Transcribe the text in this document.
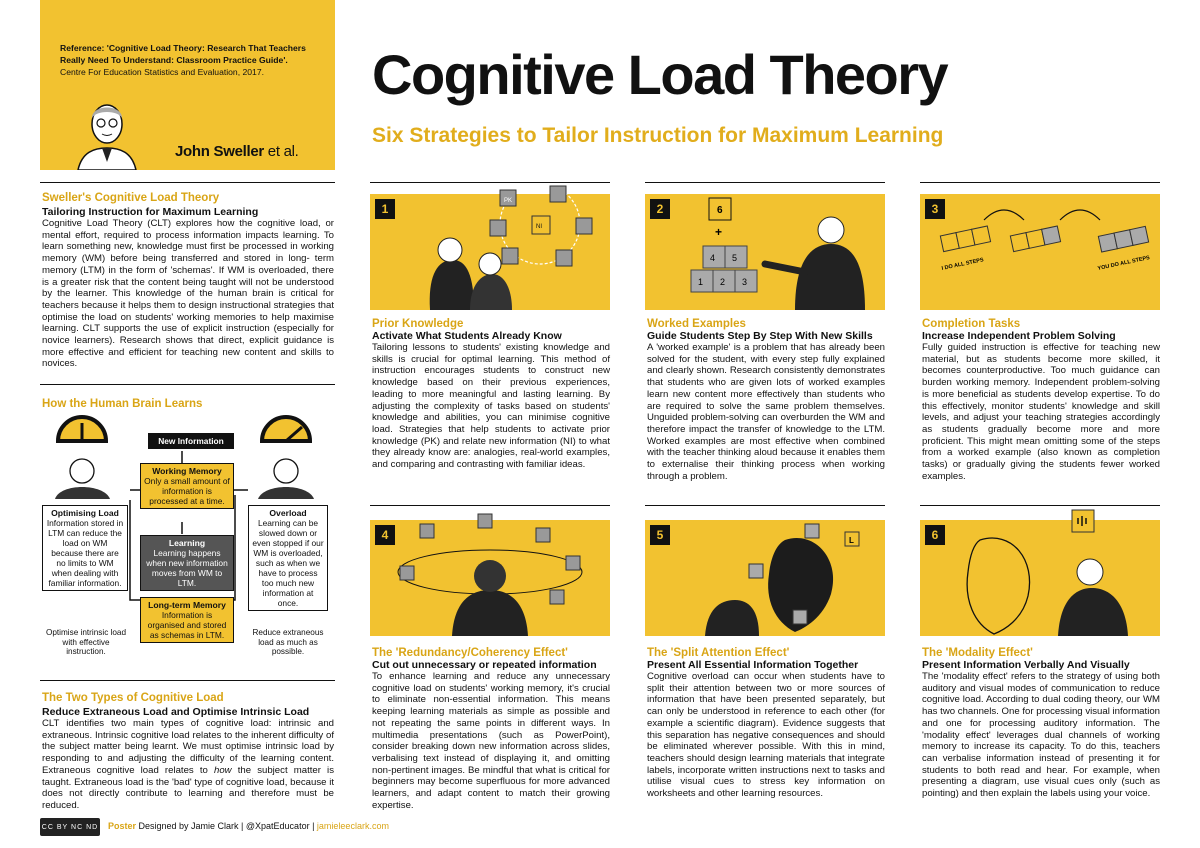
Reference: 'Cognitive Load Theory: Research That Teachers Really Need To Understand: Classroom Practice Guide'.
Centre For Education Statistics and Evaluation, 2017.
John Sweller et al.
Cognitive Load Theory
Six Strategies to Tailor Instruction for Maximum Learning
Sweller's Cognitive Load Theory
Tailoring Instruction for Maximum Learning
Cognitive Load Theory (CLT) explores how the cognitive load, or mental effort, required to process information impacts learning. To learn something new, knowledge must first be processed in working memory (WM) before being transferred and stored in long- term memory (LTM) in the form of 'schemas'. If WM is overloaded, there is a greater risk that the content being taught will not be understood by the learner. This knowledge of the human brain is critical for teachers because it helps them to design instructional strategies that optimise the load on students' working memories to help maximise learning. CLT supports the use of explicit instruction (especially for novice learners). Research shows that direct, explicit guidance is more effective and efficient for teaching new content and skills to novices.
How the Human Brain Learns
New Information
Working Memory
Only a small amount of information is processed at a time.
Learning
Learning happens when new information moves from WM to LTM.
Long-term Memory
Information is organised and stored as schemas in LTM.
Optimising Load
Information stored in LTM can reduce the load on WM because there are no limits to WM when dealing with familiar information.
Overload
Learning can be slowed down or even stopped if our WM is overloaded, such as when we have to process too much new information at once.
Optimise intrinsic load with effective instruction.
Reduce extraneous load as much as possible.
The Two Types of Cognitive Load
Reduce Extraneous Load and Optimise Intrinsic Load
CLT identifies two main types of cognitive load: intrinsic and extraneous. Intrinsic cognitive load relates to the inherent difficulty of the subject matter being learnt. We must optimise intrinsic load by responding to and adjusting the difficulty of the learning content. Extraneous cognitive load relates to how the subject matter is taught. Extraneous load is the 'bad' type of cognitive load, because it does not directly contribute to learning and therefore must be reduced.
1
PK
NI
Prior Knowledge
Activate What Students Already Know
Tailoring lessons to students' existing knowledge and skills is crucial for optimal learning. This method of instruction encourages students to construct new knowledge based on their previous experiences, leading to more meaningful and lasting learning. By adjusting the complexity of tasks based on students' knowledge and abilities, you can minimise cognitive load. Strategies that help students to activate prior knowledge (PK) and relate new information (NI) to what they already know are: analogies, real-world examples, and comparing and contrasting with familiar ideas.
2	6
+
4 5
1 2 3
Worked Examples
Guide Students Step By Step With New Skills
A 'worked example' is a problem that has already been solved for the student, with every step fully explained and clearly shown. Research consistently demonstrates that students who are given lots of worked examples learn new content more effectively than students who are required to solve the same problem themselves. Unguided problem-solving can overburden the WM and therefore impact the transfer of knowledge to the LTM. Worked examples are most effective when combined with the teacher thinking aloud because it enables them to externalise their thinking process when working through a problem.
3
I DO ALL STEPS	YOU DO ALL STEPS
Completion Tasks
Increase Independent Problem Solving
Fully guided instruction is effective for teaching new material, but as students become more skilled, it becomes counterproductive. Too much guidance can burden working memory. Independent problem-solving is more beneficial as students develop expertise. To do this effectively, monitor students' knowledge and skill levels, and adjust your teaching strategies accordingly as students gradually become more and more proficient. This might mean omitting some of the steps from a worked example (also known as completion tasks) or gradually giving the students fewer worked examples.
4
The 'Redundancy/Coherency Effect'
Cut out unnecessary or repeated information
To enhance learning and reduce any unnecessary cognitive load on students' working memory, it's crucial to eliminate non-essential information. This means keeping learning materials as simple as possible and not repeating the same points in different ways. In multimedia presentations (such as PowerPoint), consider breaking down new information across slides, verbalising text instead of displaying it, and omitting non-pertinent images. Be mindful that what is critical for beginners may become superfluous for more advanced learners, and adapt content to match their growing expertise.
5	L
The 'Split Attention Effect'
Present All Essential Information Together
Cognitive overload can occur when students have to split their attention between two or more sources of information that have been presented separately, but can only be understood in reference to each other (for example a scientific diagram). Evidence suggests that this separation has negative consequences and should be eliminated wherever possible. With this in mind, teachers should design learning materials that integrate labels, incorporate written instructions next to tasks and utilise visual cues to stress key information on worksheets and other learning resources.
6
The 'Modality Effect'
Present Information Verbally And Visually
The 'modality effect' refers to the strategy of using both auditory and visual modes of communication to reduce cognitive load. According to dual coding theory, our WM has two channels. One for processing visual information and one for processing auditory information. The 'modality effect' leverages dual channels of working memory to increase its capacity. To do this, teachers can verbalise information instead of presenting it for students to both read and hear. For example, when presenting a diagram, use visual cues only (such as pointing) and then explain the labels using your voice.
CC BY NC ND Poster Designed by Jamie Clark | @XpatEducator | jamieleeclark.com
